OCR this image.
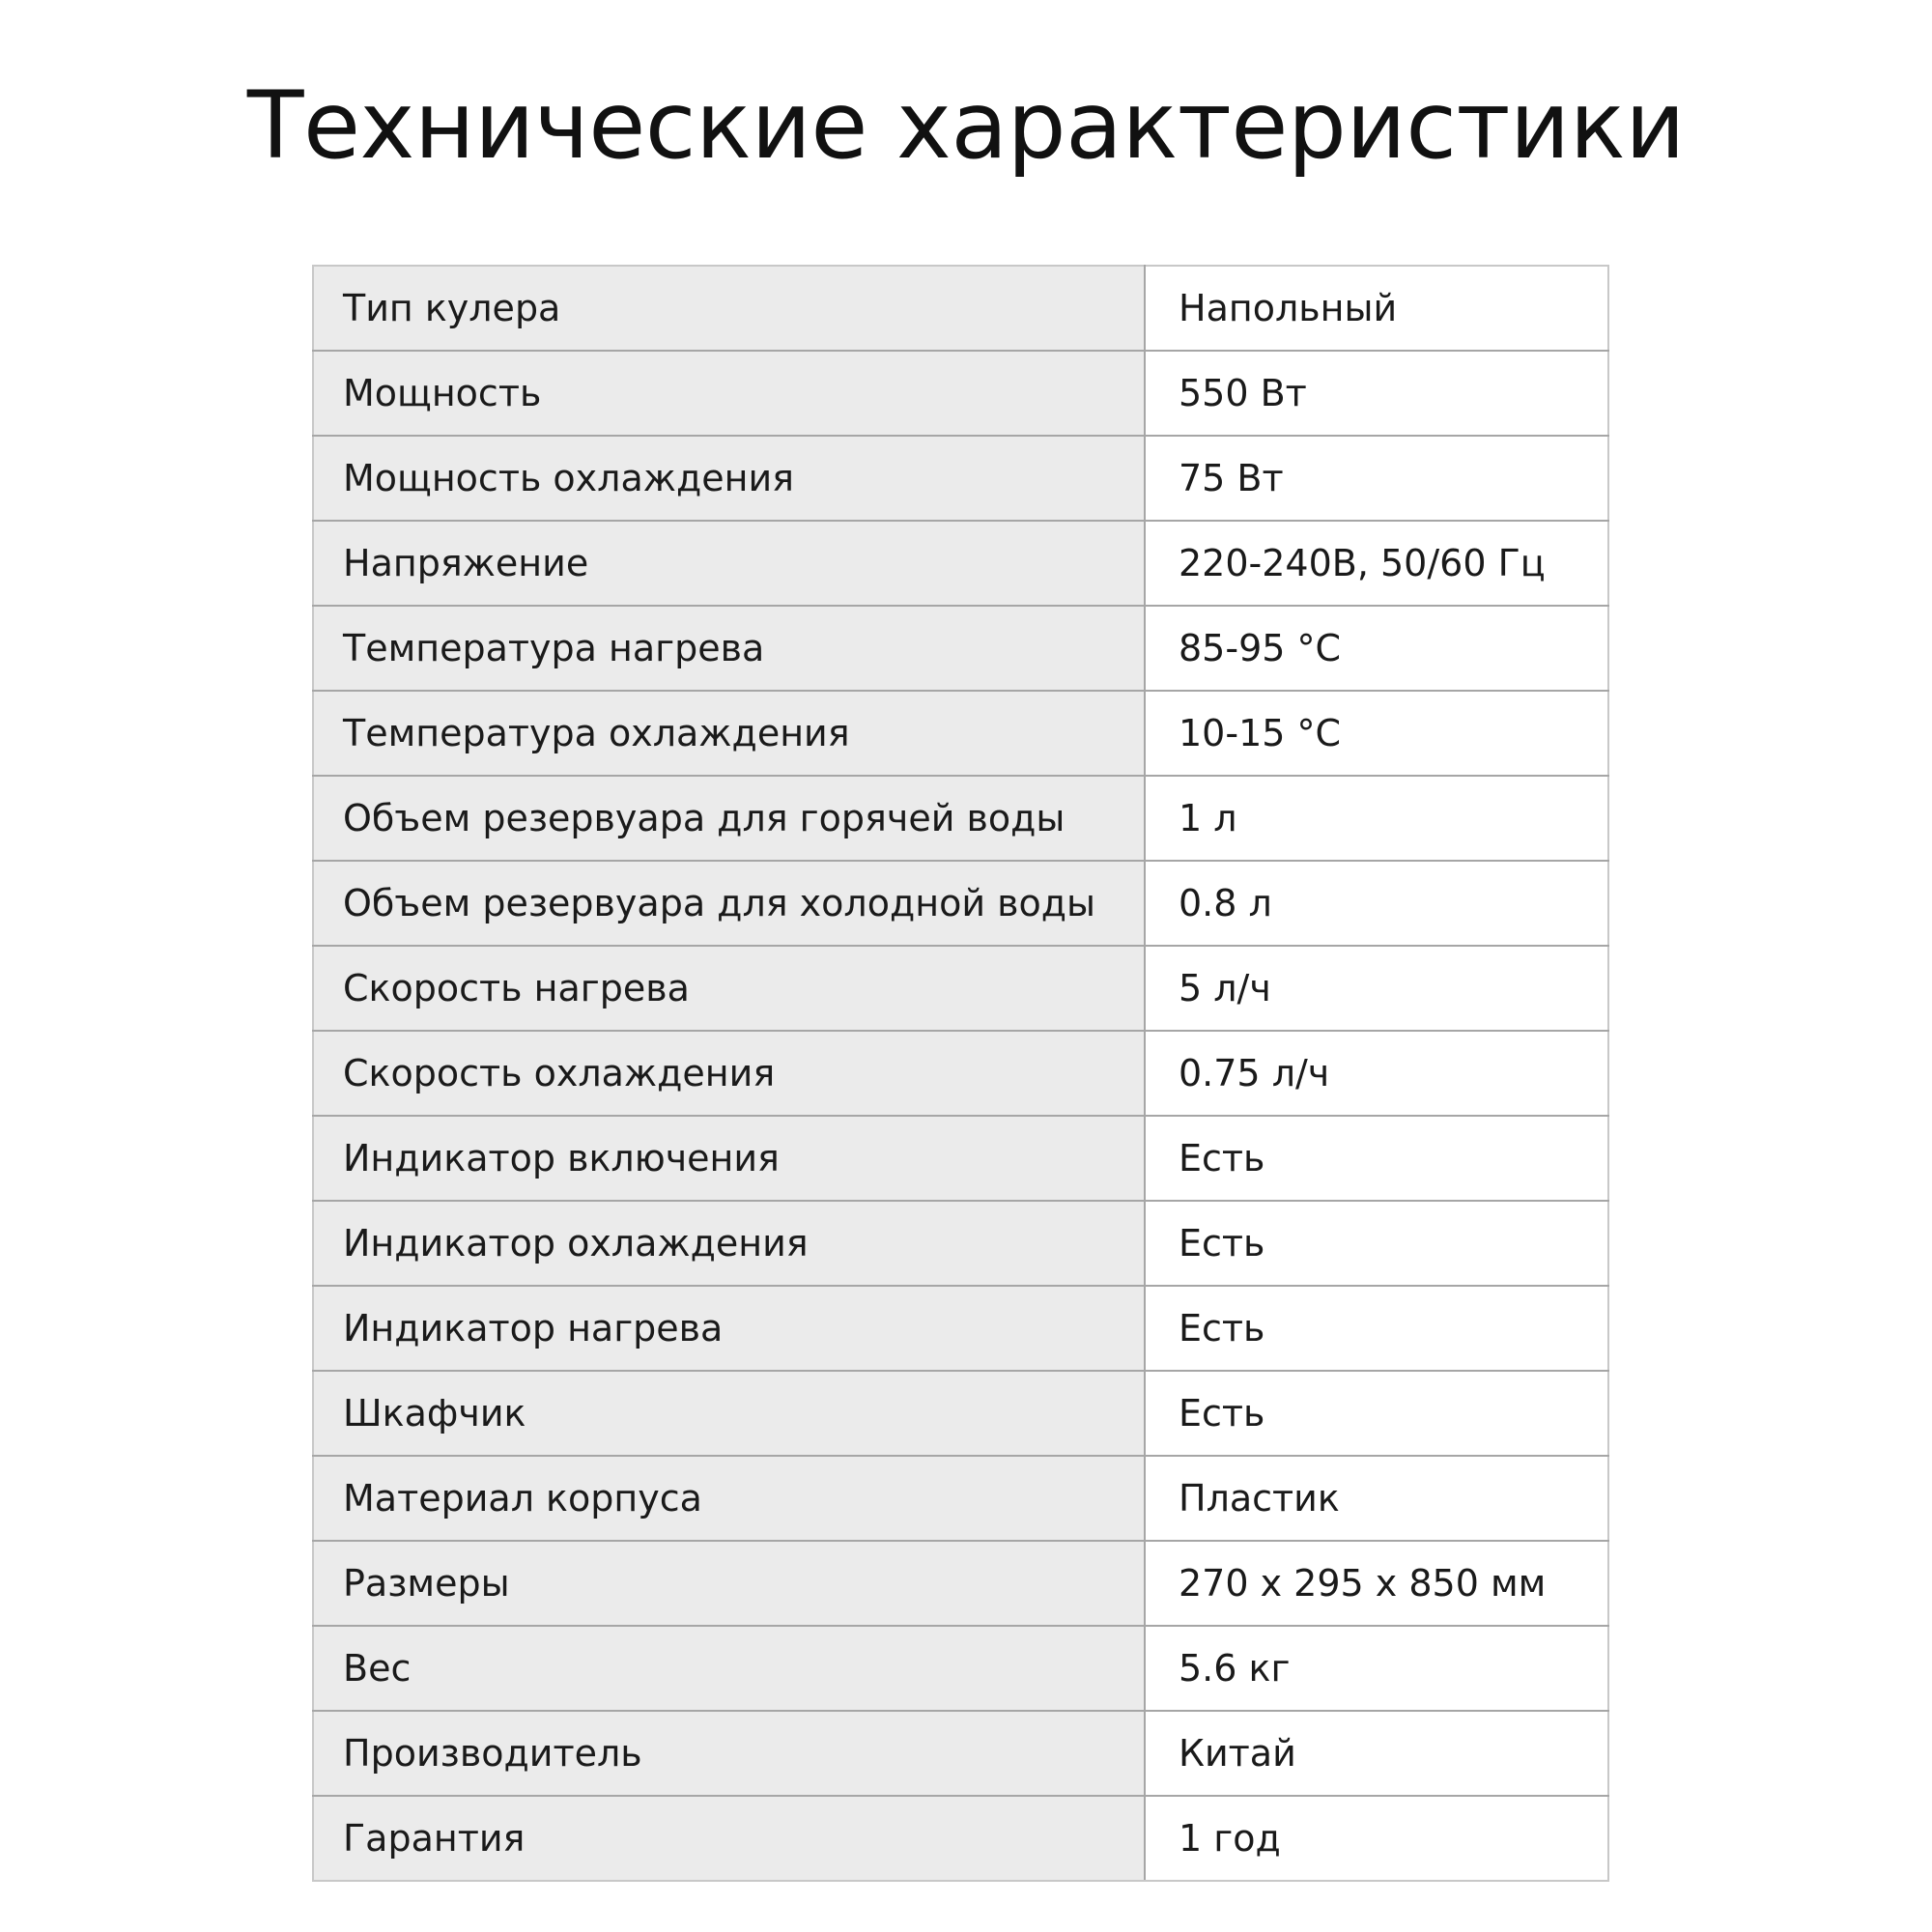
Технические характеристики
Тип кулера	Напольный
Мощность	550 Вт
Мощность охлаждения	75 Вт
Напряжение	220-240В, 50/60 Гц
Температура нагрева	85-95 °С
Температура охлаждения	10-15 °С
Объем резервуара для горячей воды	1 л
Объем резервуара для холодной воды	0.8 л
Скорость нагрева	5 л/ч
Скорость охлаждения	0.75 л/ч
Индикатор включения	Есть
Индикатор охлаждения	Есть
Индикатор нагрева	Есть
Шкафчик	Есть
Материал корпуса	Пластик
Размеры	270 x 295 x 850 мм
Вес	5.6 кг
Производитель	Китай
Гарантия	1 год
